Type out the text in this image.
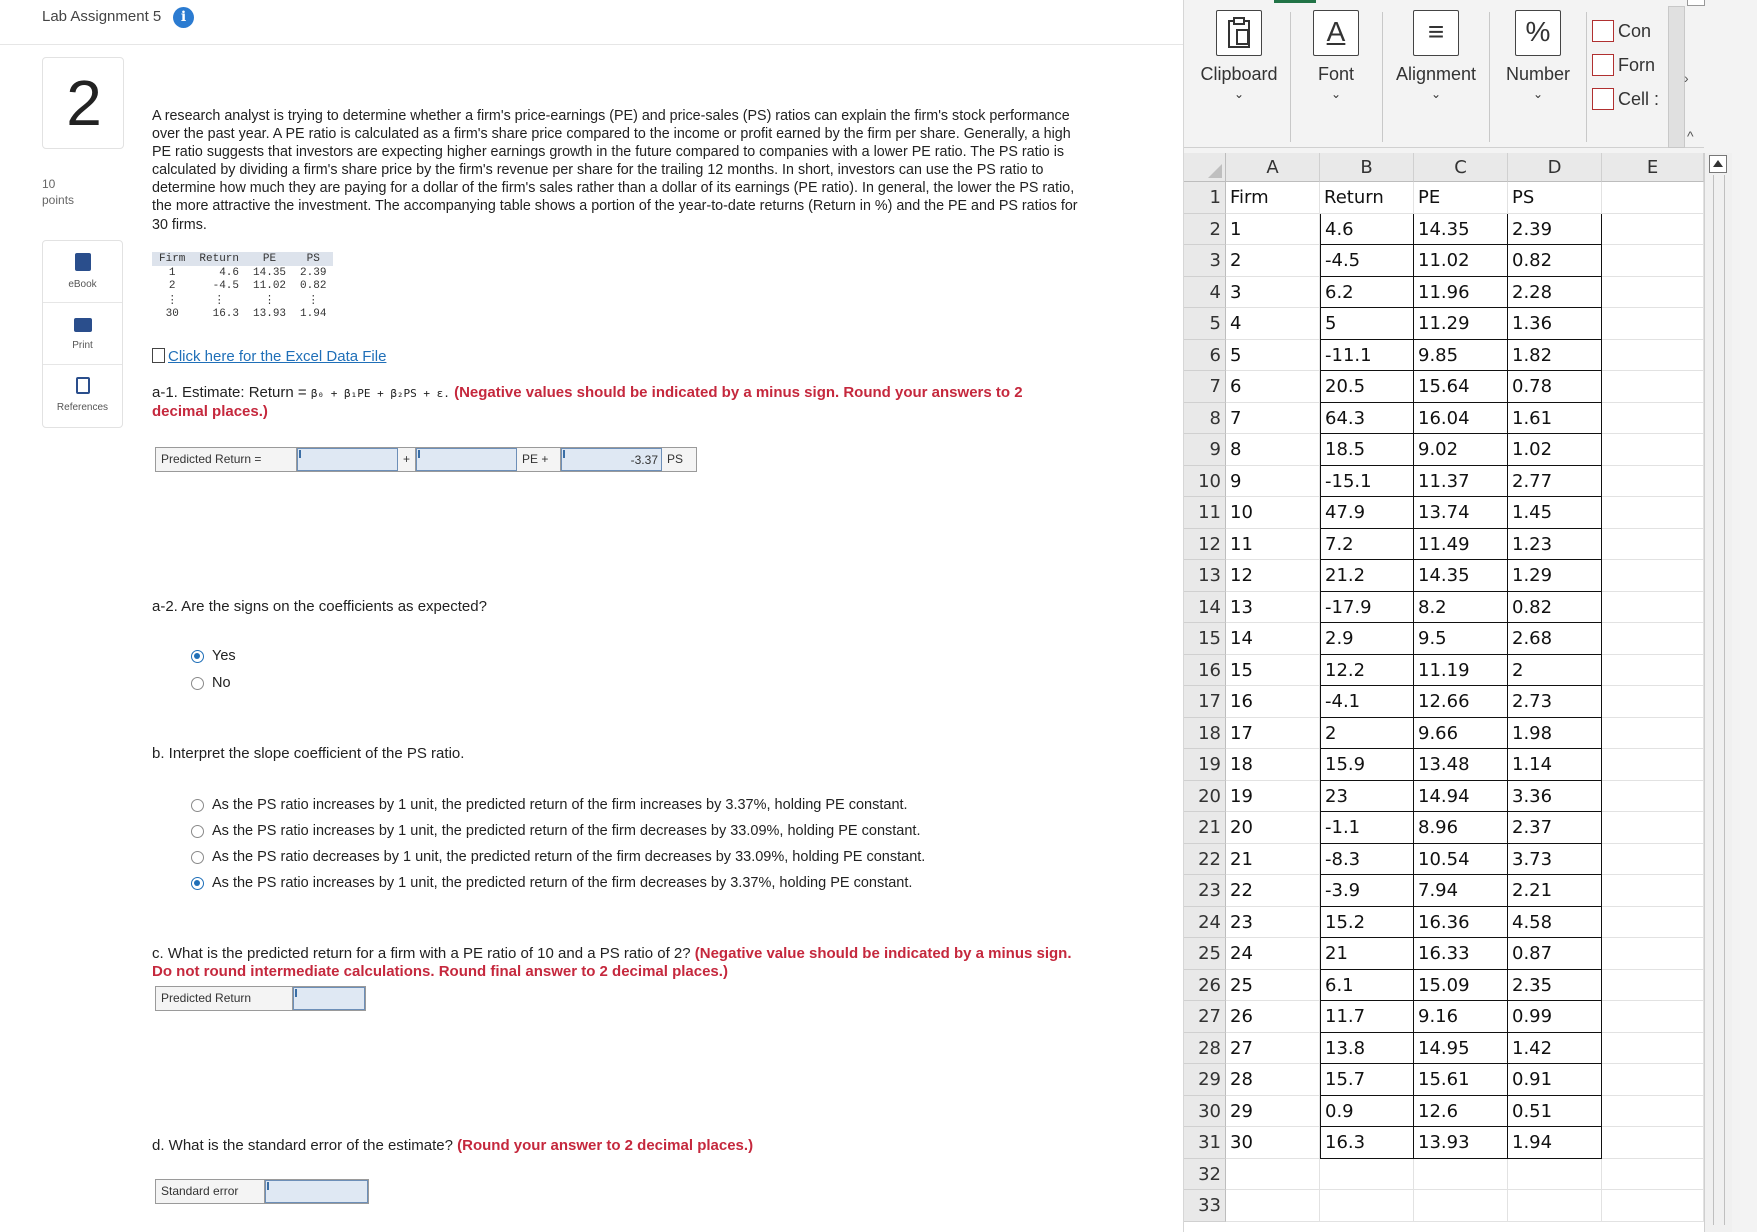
Lab Assignment 5	i
2
10
points
eBook
Print
References

A research analyst is trying to determine whether a firm's price-earnings (PE) and price-sales (PS) ratios can explain the firm's stock performance over the past year. A PE ratio is calculated as a firm's share price compared to the income or profit earned by the firm per share. Generally, a high PE ratio suggests that investors are expecting higher earnings growth in the future compared to companies with a lower PE ratio. The PS ratio is calculated by dividing a firm's share price by the firm's revenue per share for the trailing 12 months. In short, investors can use the PS ratio to determine how much they are paying for a dollar of the firm's sales rather than a dollar of its earnings (PE ratio). In general, the lower the PS ratio, the more attractive the investment. The accompanying table shows a portion of the year-to-date returns (Return in %) and the PE and PS ratios for 30 firms.

Firm	Return	PE	PS
1	4.6	14.35	2.39
2	-4.5	11.02	0.82
⋮	⋮	⋮	⋮
30	16.3	13.93	1.94
Click here for the Excel Data File
a-1. Estimate: Return = β₀ + β₁PE + β₂PS + ε. (Negative values should be indicated by a minus sign. Round your answers to 2 decimal places.)
Predicted Return =	+	PE +	-3.37 PS
a-2. Are the signs on the coefficients as expected?
Yes
No
b. Interpret the slope coefficient of the PS ratio.
As the PS ratio increases by 1 unit, the predicted return of the firm increases by 3.37%, holding PE constant.
As the PS ratio increases by 1 unit, the predicted return of the firm decreases by 33.09%, holding PE constant.
As the PS ratio decreases by 1 unit, the predicted return of the firm decreases by 33.09%, holding PE constant.
As the PS ratio increases by 1 unit, the predicted return of the firm decreases by 3.37%, holding PE constant.
c. What is the predicted return for a firm with a PE ratio of 10 and a PS ratio of 2? (Negative value should be indicated by a minus sign. Do not round intermediate calculations. Round final answer to 2 decimal places.)
Predicted Return
d. What is the standard error of the estimate? (Round your answer to 2 decimal places.)
Standard error
Clipboard
⌄
A
Font
⌄
≡
Alignment
⌄
%
Number
⌄
Con
Forn
Cell :
›
^
A	B	C	D	E
1 Firm	Return	PE	PS
2 1	4.6	14.35	2.39
3 2	-4.5	11.02	0.82
4 3	6.2	11.96	2.28
5 4	5	11.29	1.36
6 5	-11.1	9.85	1.82
7 6	20.5	15.64	0.78
8 7	64.3	16.04	1.61
9 8	18.5	9.02	1.02
10 9	-15.1	11.37	2.77
11 10	47.9	13.74	1.45
12 11	7.2	11.49	1.23
13 12	21.2	14.35	1.29
14 13	-17.9	8.2	0.82
15 14	2.9	9.5	2.68
16 15	12.2	11.19	2
17 16	-4.1	12.66	2.73
18 17	2	9.66	1.98
19 18	15.9	13.48	1.14
20 19	23	14.94	3.36
21 20	-1.1	8.96	2.37
22 21	-8.3	10.54	3.73
23 22	-3.9	7.94	2.21
24 23	15.2	16.36	4.58
25 24	21	16.33	0.87
26 25	6.1	15.09	2.35
27 26	11.7	9.16	0.99
28 27	13.8	14.95	1.42
29 28	15.7	15.61	0.91
30 29	0.9	12.6	0.51
31 30	16.3	13.93	1.94
32
33
